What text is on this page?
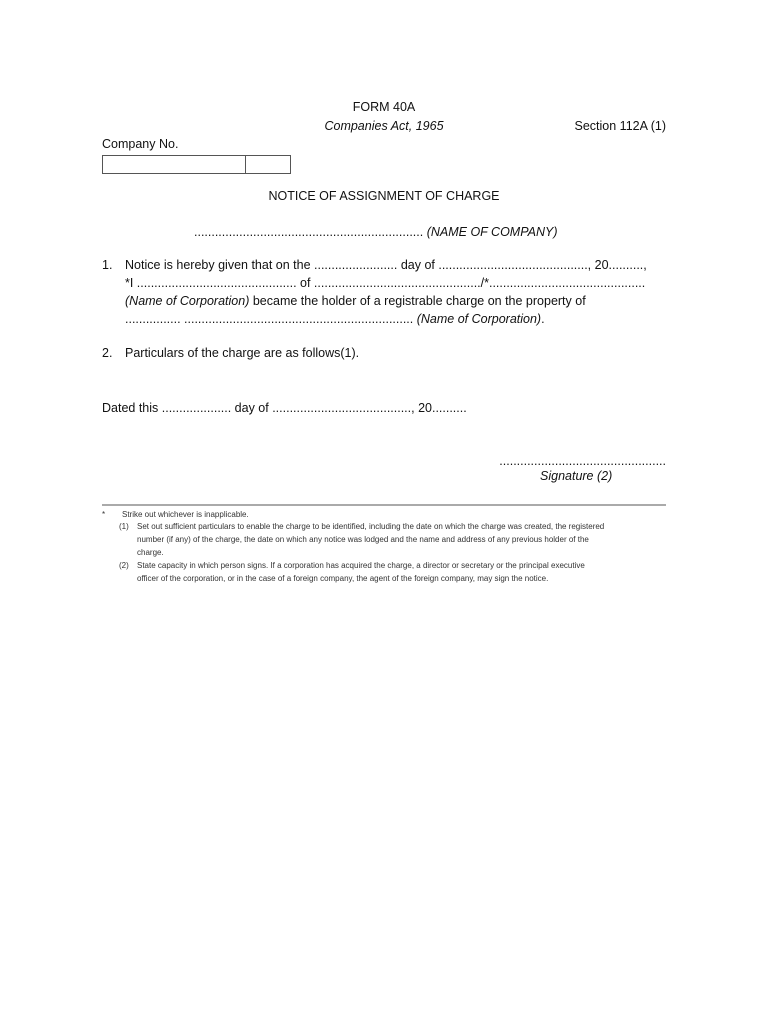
FORM 40A
Companies Act, 1965	Section 112A (1)
Company No.
NOTICE OF ASSIGNMENT OF CHARGE
.................................................................. (NAME OF COMPANY)
1. Notice is hereby given that on the ........................ day of ..........................................., 20..........,
*I .............................................. of ................................................/*.............................................
(Name of Corporation) became the holder of a registrable charge on the property of
................ .................................................................. (Name of Corporation).
2. Particulars of the charge are as follows(1).
Dated this .................... day of ........................................, 20..........
................................................
Signature (2)
* Strike out whichever is inapplicable.
(1) Set out sufficient particulars to enable the charge to be identified, including the date on which the charge was created, the registered
number (if any) of the charge, the date on which any notice was lodged and the name and address of any previous holder of the
charge.
(2) State capacity in which person signs. If a corporation has acquired the charge, a director or secretary or the principal executive
officer of the corporation, or in the case of a foreign company, the agent of the foreign company, may sign the notice.
